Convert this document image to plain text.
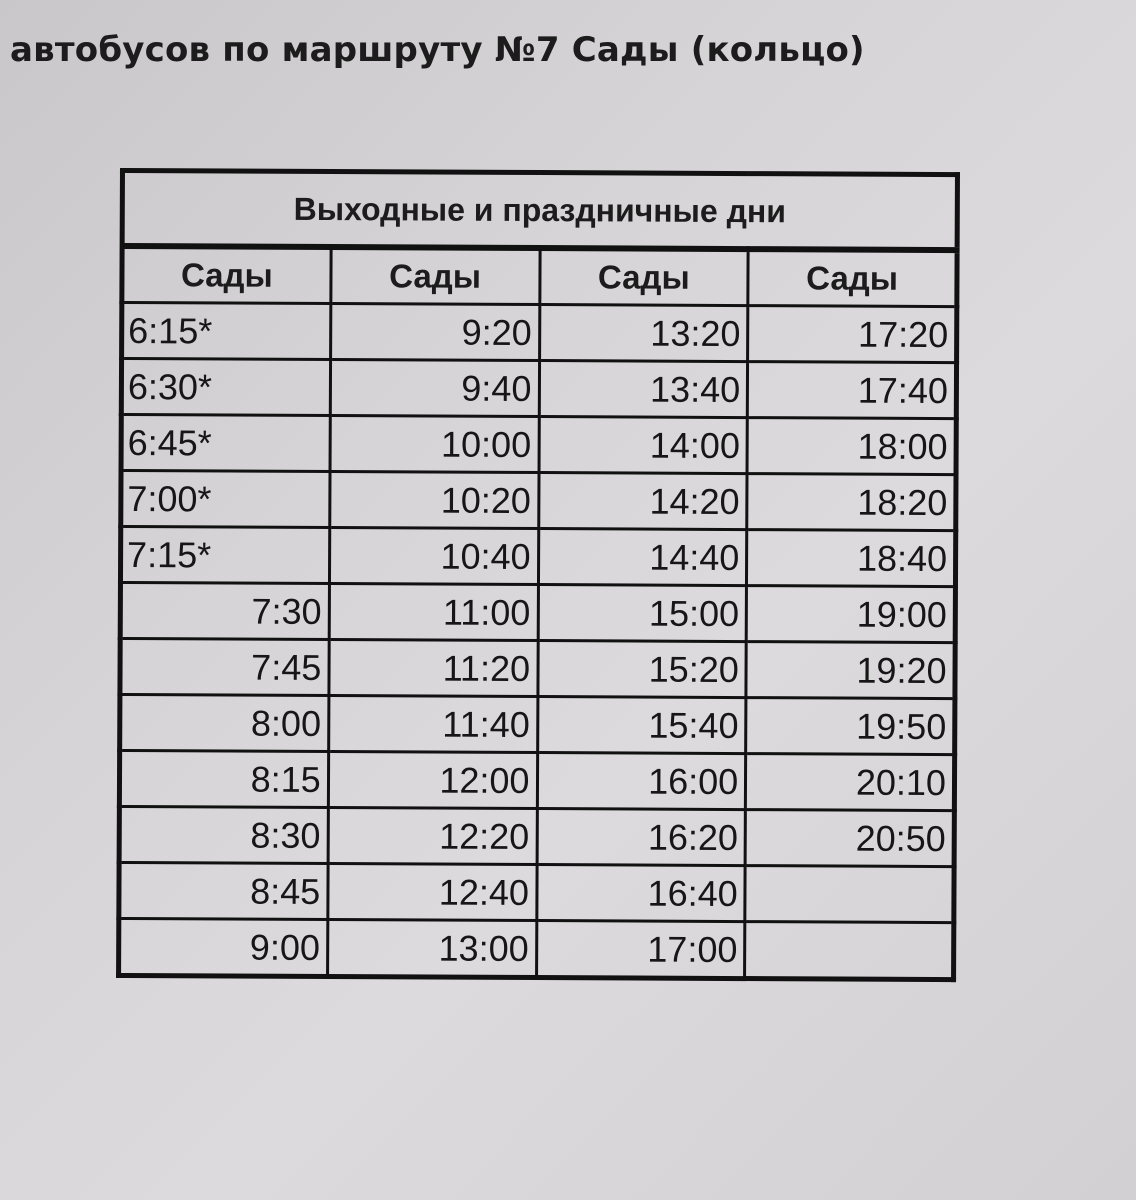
автобусов по маршруту №7 Сады (кольцо)
Выходные и праздничные дни			
Сады	Сады	Сады	Сады
6:15*	9:20	13:20	17:20
6:30*	9:40	13:40	17:40
6:45*	10:00	14:00	18:00
7:00*	10:20	14:20	18:20
7:15*	10:40	14:40	18:40
7:30	11:00	15:00	19:00
7:45	11:20	15:20	19:20
8:00	11:40	15:40	19:50
8:15	12:00	16:00	20:10
8:30	12:20	16:20	20:50
8:45	12:40	16:40	
9:00	13:00	17:00	
